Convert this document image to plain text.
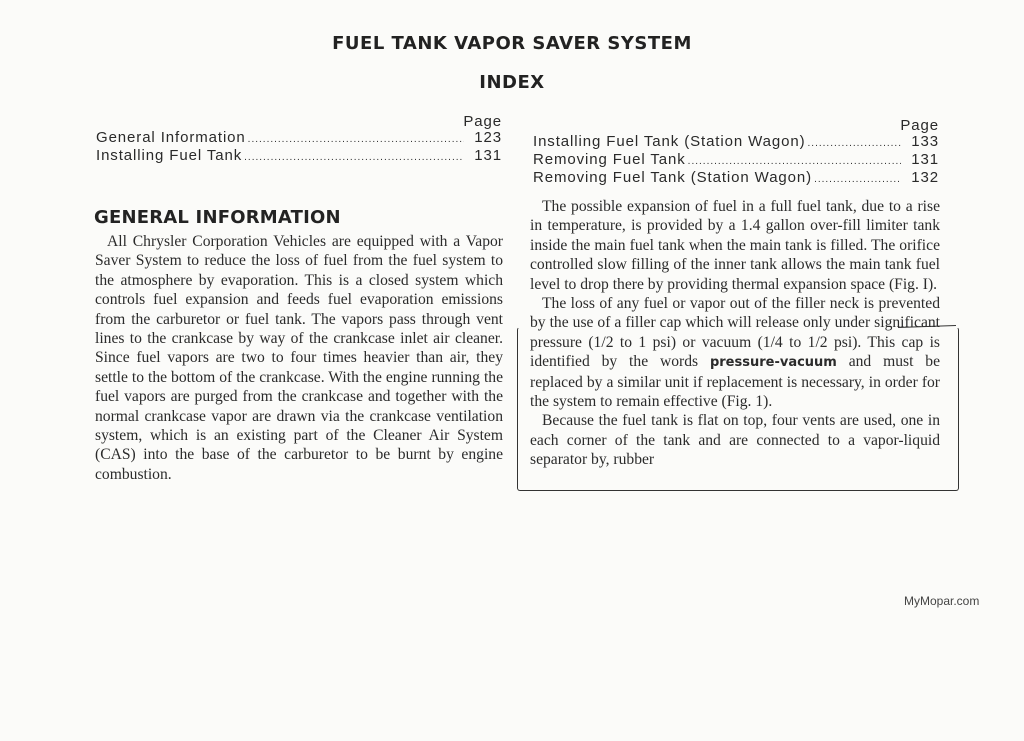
FUEL TANK VAPOR SAVER SYSTEM
INDEX
Page
General Information .....	123
Installing Fuel Tank .....	131
Page
Installing Fuel Tank (Station Wagon) .....	133
Removing Fuel Tank .....	131
Removing Fuel Tank (Station Wagon) .....	132
GENERAL INFORMATION

All Chrysler Corporation Vehicles are equipped with a Vapor Saver System to reduce the loss of fuel from the fuel system to the atmosphere by evaporation. This is a closed system which controls fuel expansion and feeds fuel evaporation emissions from the carburetor or fuel tank. The vapors pass through vent lines to the crankcase by way of the crankcase inlet air cleaner. Since fuel vapors are two to four times heavier than air, they settle to the bottom of the crankcase. With the engine running the fuel vapors are purged from the crankcase and together with the normal crankcase vapor are drawn via the crankcase ventilation system, which is an existing part of the Cleaner Air System (CAS) into the base of the carburetor to be burnt by engine combustion.

The possible expansion of fuel in a full fuel tank, due to a rise in temperature, is provided by a 1.4 gallon over-fill limiter tank inside the main fuel tank when the main tank is filled. The orifice controlled slow filling of the inner tank allows the main tank fuel level to drop there by providing thermal expansion space (Fig. I).

The loss of any fuel or vapor out of the filler neck is prevented by the use of a filler cap which will release only under significant pressure (1/2 to 1 psi) or vacuum (1/4 to 1/2 psi). This cap is identified by the words pressure-vacuum and must be replaced by a similar unit if replacement is necessary, in order for the system to remain effective (Fig. 1).

Because the fuel tank is flat on top, four vents are used, one in each corner of the tank and are connected to a vapor-liquid separator by, rubber

MyMopar.com
